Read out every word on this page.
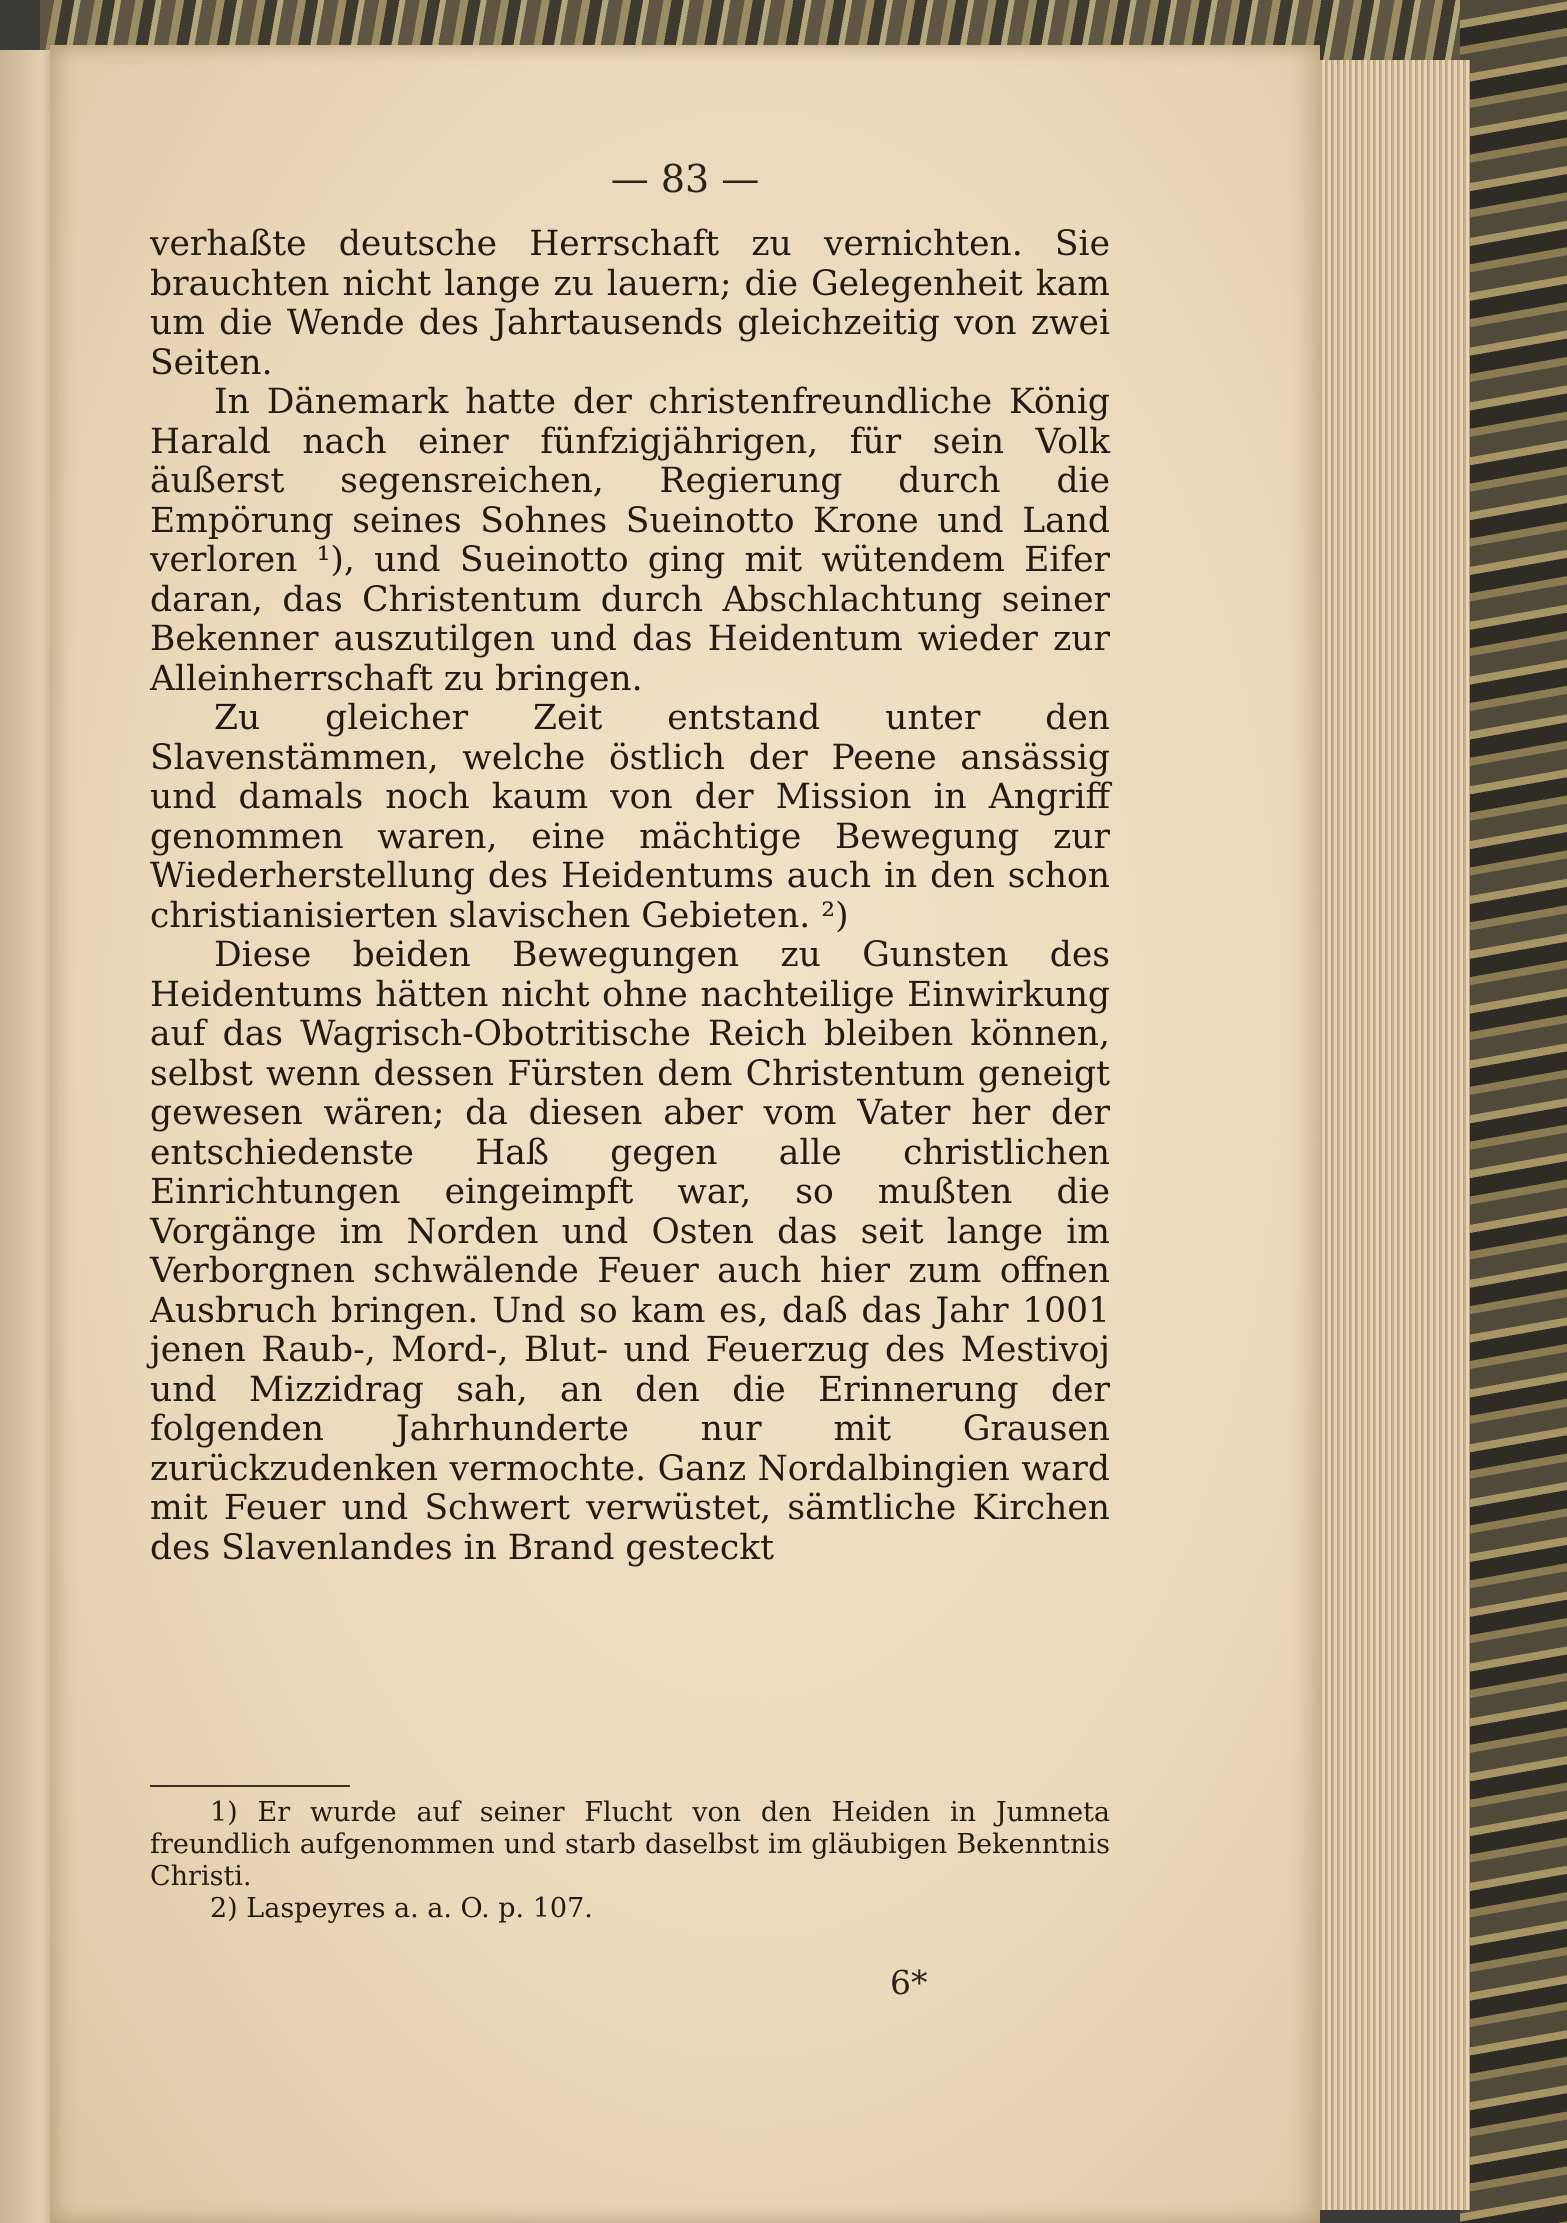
— 83 —

verhaßte deutsche Herrschaft zu vernichten. Sie brauchten nicht lange zu lauern; die Gelegenheit kam um die Wende des Jahrtausends gleichzeitig von zwei Seiten.

In Dänemark hatte der christenfreundliche König Harald nach einer fünfzigjährigen, für sein Volk äußerst segensreichen, Regierung durch die Empörung seines Sohnes Sueinotto Krone und Land verloren ¹), und Sueinotto ging mit wütendem Eifer daran, das Christentum durch Abschlachtung seiner Bekenner auszutilgen und das Heidentum wieder zur Alleinherrschaft zu bringen.

Zu gleicher Zeit entstand unter den Slavenstämmen, welche östlich der Peene ansässig und damals noch kaum von der Mission in Angriff genommen waren, eine mächtige Bewegung zur Wiederherstellung des Heidentums auch in den schon christianisierten slavischen Gebieten. ²)

Diese beiden Bewegungen zu Gunsten des Heidentums hätten nicht ohne nachteilige Einwirkung auf das Wagrisch-Obotritische Reich bleiben können, selbst wenn dessen Fürsten dem Christentum geneigt gewesen wären; da diesen aber vom Vater her der entschiedenste Haß gegen alle christlichen Einrichtungen eingeimpft war, so mußten die Vorgänge im Norden und Osten das seit lange im Verborgnen schwälende Feuer auch hier zum offnen Ausbruch bringen. Und so kam es, daß das Jahr 1001 jenen Raub-, Mord-, Blut- und Feuerzug des Mestivoj und Mizzidrag sah, an den die Erinnerung der folgenden Jahrhunderte nur mit Grausen zurückzudenken vermochte. Ganz Nordalbingien ward mit Feuer und Schwert verwüstet, sämtliche Kirchen des Slavenlandes in Brand gesteckt

1) Er wurde auf seiner Flucht von den Heiden in Jumneta freundlich aufgenommen und starb daselbst im gläubigen Bekenntnis Christi.

2) Laspeyres a. a. O. p. 107.

6*
